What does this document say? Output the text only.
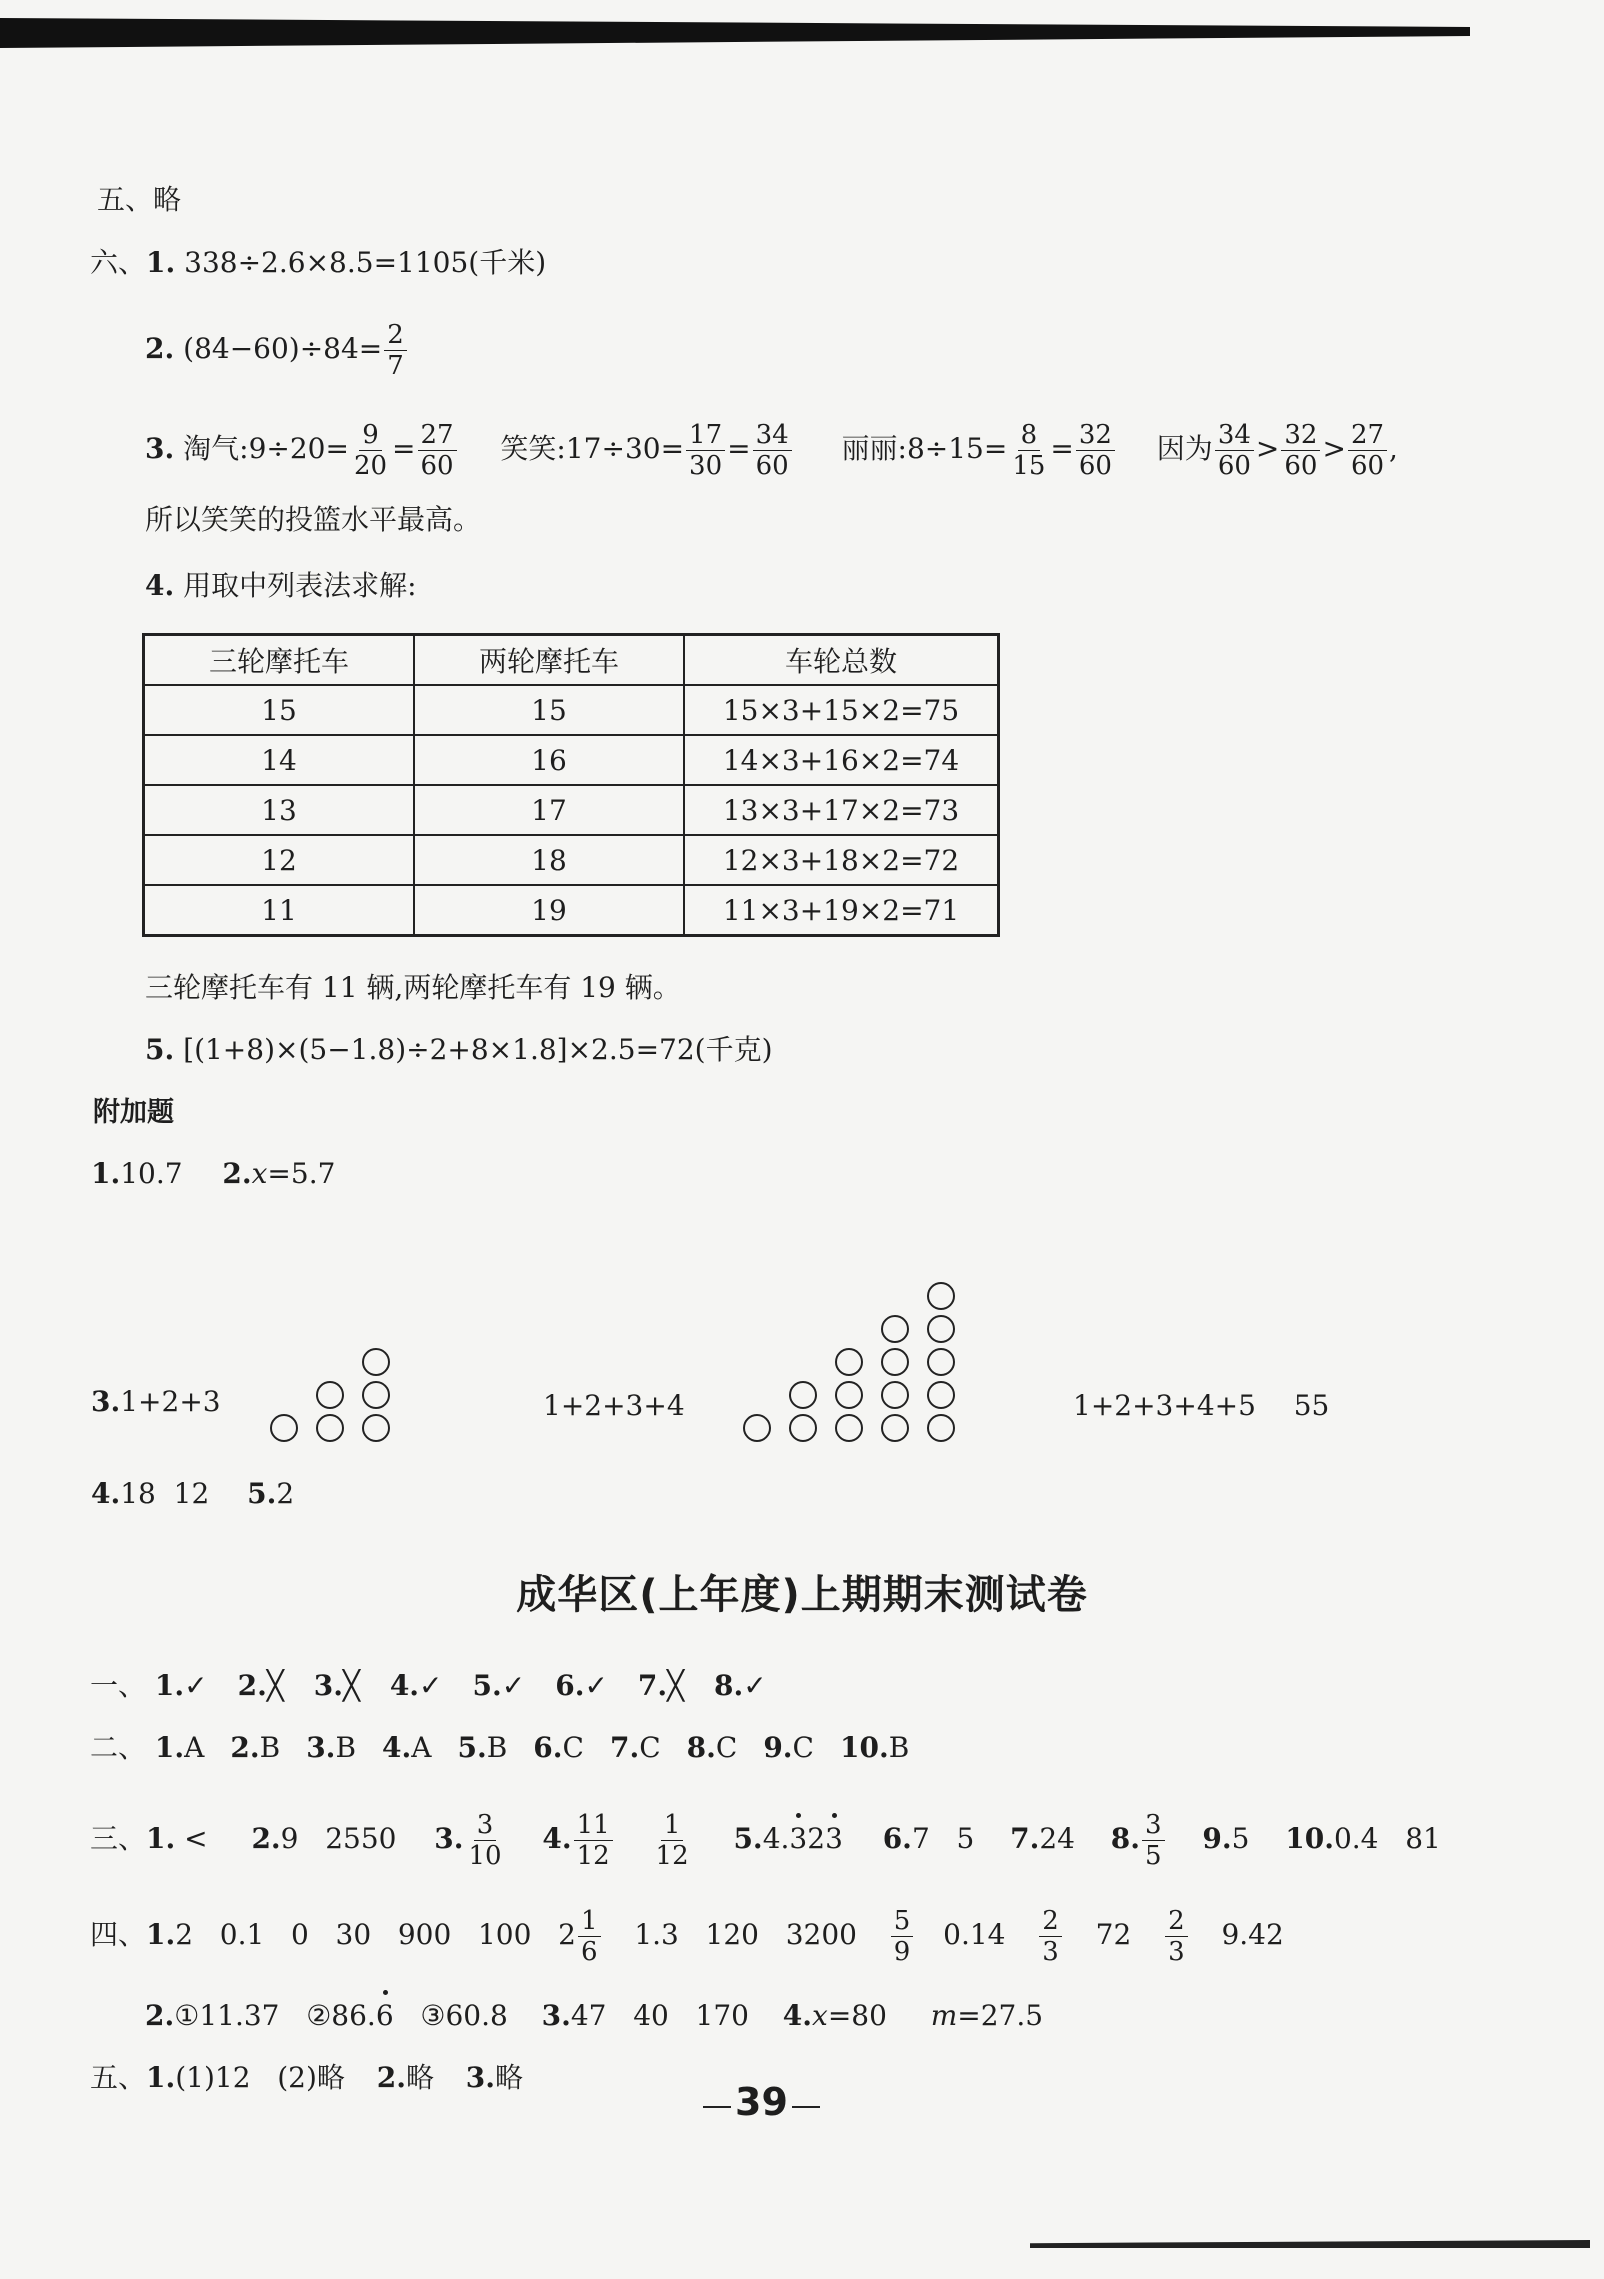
五、略
六、1. 338÷2.6×8.5=1105(千米)
2. $(84-60)\div 84= \frac{2}{7}$
3. 淘气:9÷20= $\frac{9}{20} = \frac{27}{60}$ 笑笑:17÷30= $\frac{17}{30} = \frac{34}{60}$ 丽丽:8÷15= $\frac{8}{15} = \frac{32}{60}$ 因为 $\frac{34}{60} > \frac{32}{60} > \frac{27}{60}$ ,
所以笑笑的投篮水平最高。
4. 用取中列表法求解:
三轮摩托车	两轮摩托车	车轮总数
15	15	15×3+15×2=75
14	16	14×3+16×2=74
13	17	13×3+17×2=73
12	18	12×3+18×2=72
11	19	11×3+19×2=71
三轮摩托车有 11 辆,两轮摩托车有 19 辆。
5. [(1+8)×(5−1.8)÷2+8×1.8]×2.5=72(千克)
附加题
1.10.7 2.x=5.7
3.1+2+3	1+2+3+4	1+2+3+4+5 55
4.18  12 5.2
成华区(上年度)上期期末测试卷
一、 1.✓ 2.╳ 3.╳ 4.✓ 5.✓ 6.✓ 7.╳ 8.✓
二、 1.A 2.B 3.B 4.A 5.B 6.C 7.C 8.C 9.C 10.B
三、1. < 2.9   2550 3. $\frac{3}{10} 4$. $\frac{11}{12}$
$\frac{1}{12} 5.4.323$ 6.7   5 7.24 8. $\frac{3}{5} 9.5$ 10.0.4   81
四、1.2   0.1   0   30   900   100   $2 \frac{1}{6} 1.3$   120   $3200 \frac{5}{9} 0.14 \frac{2}{3} 72 \frac{2}{3} 9.42$
2.①11.37   ②86.6   ③60.8 3.47   40   170 4.x=80 m=27.5
五、1.(1)12   (2)略 2.略 3.略
39
